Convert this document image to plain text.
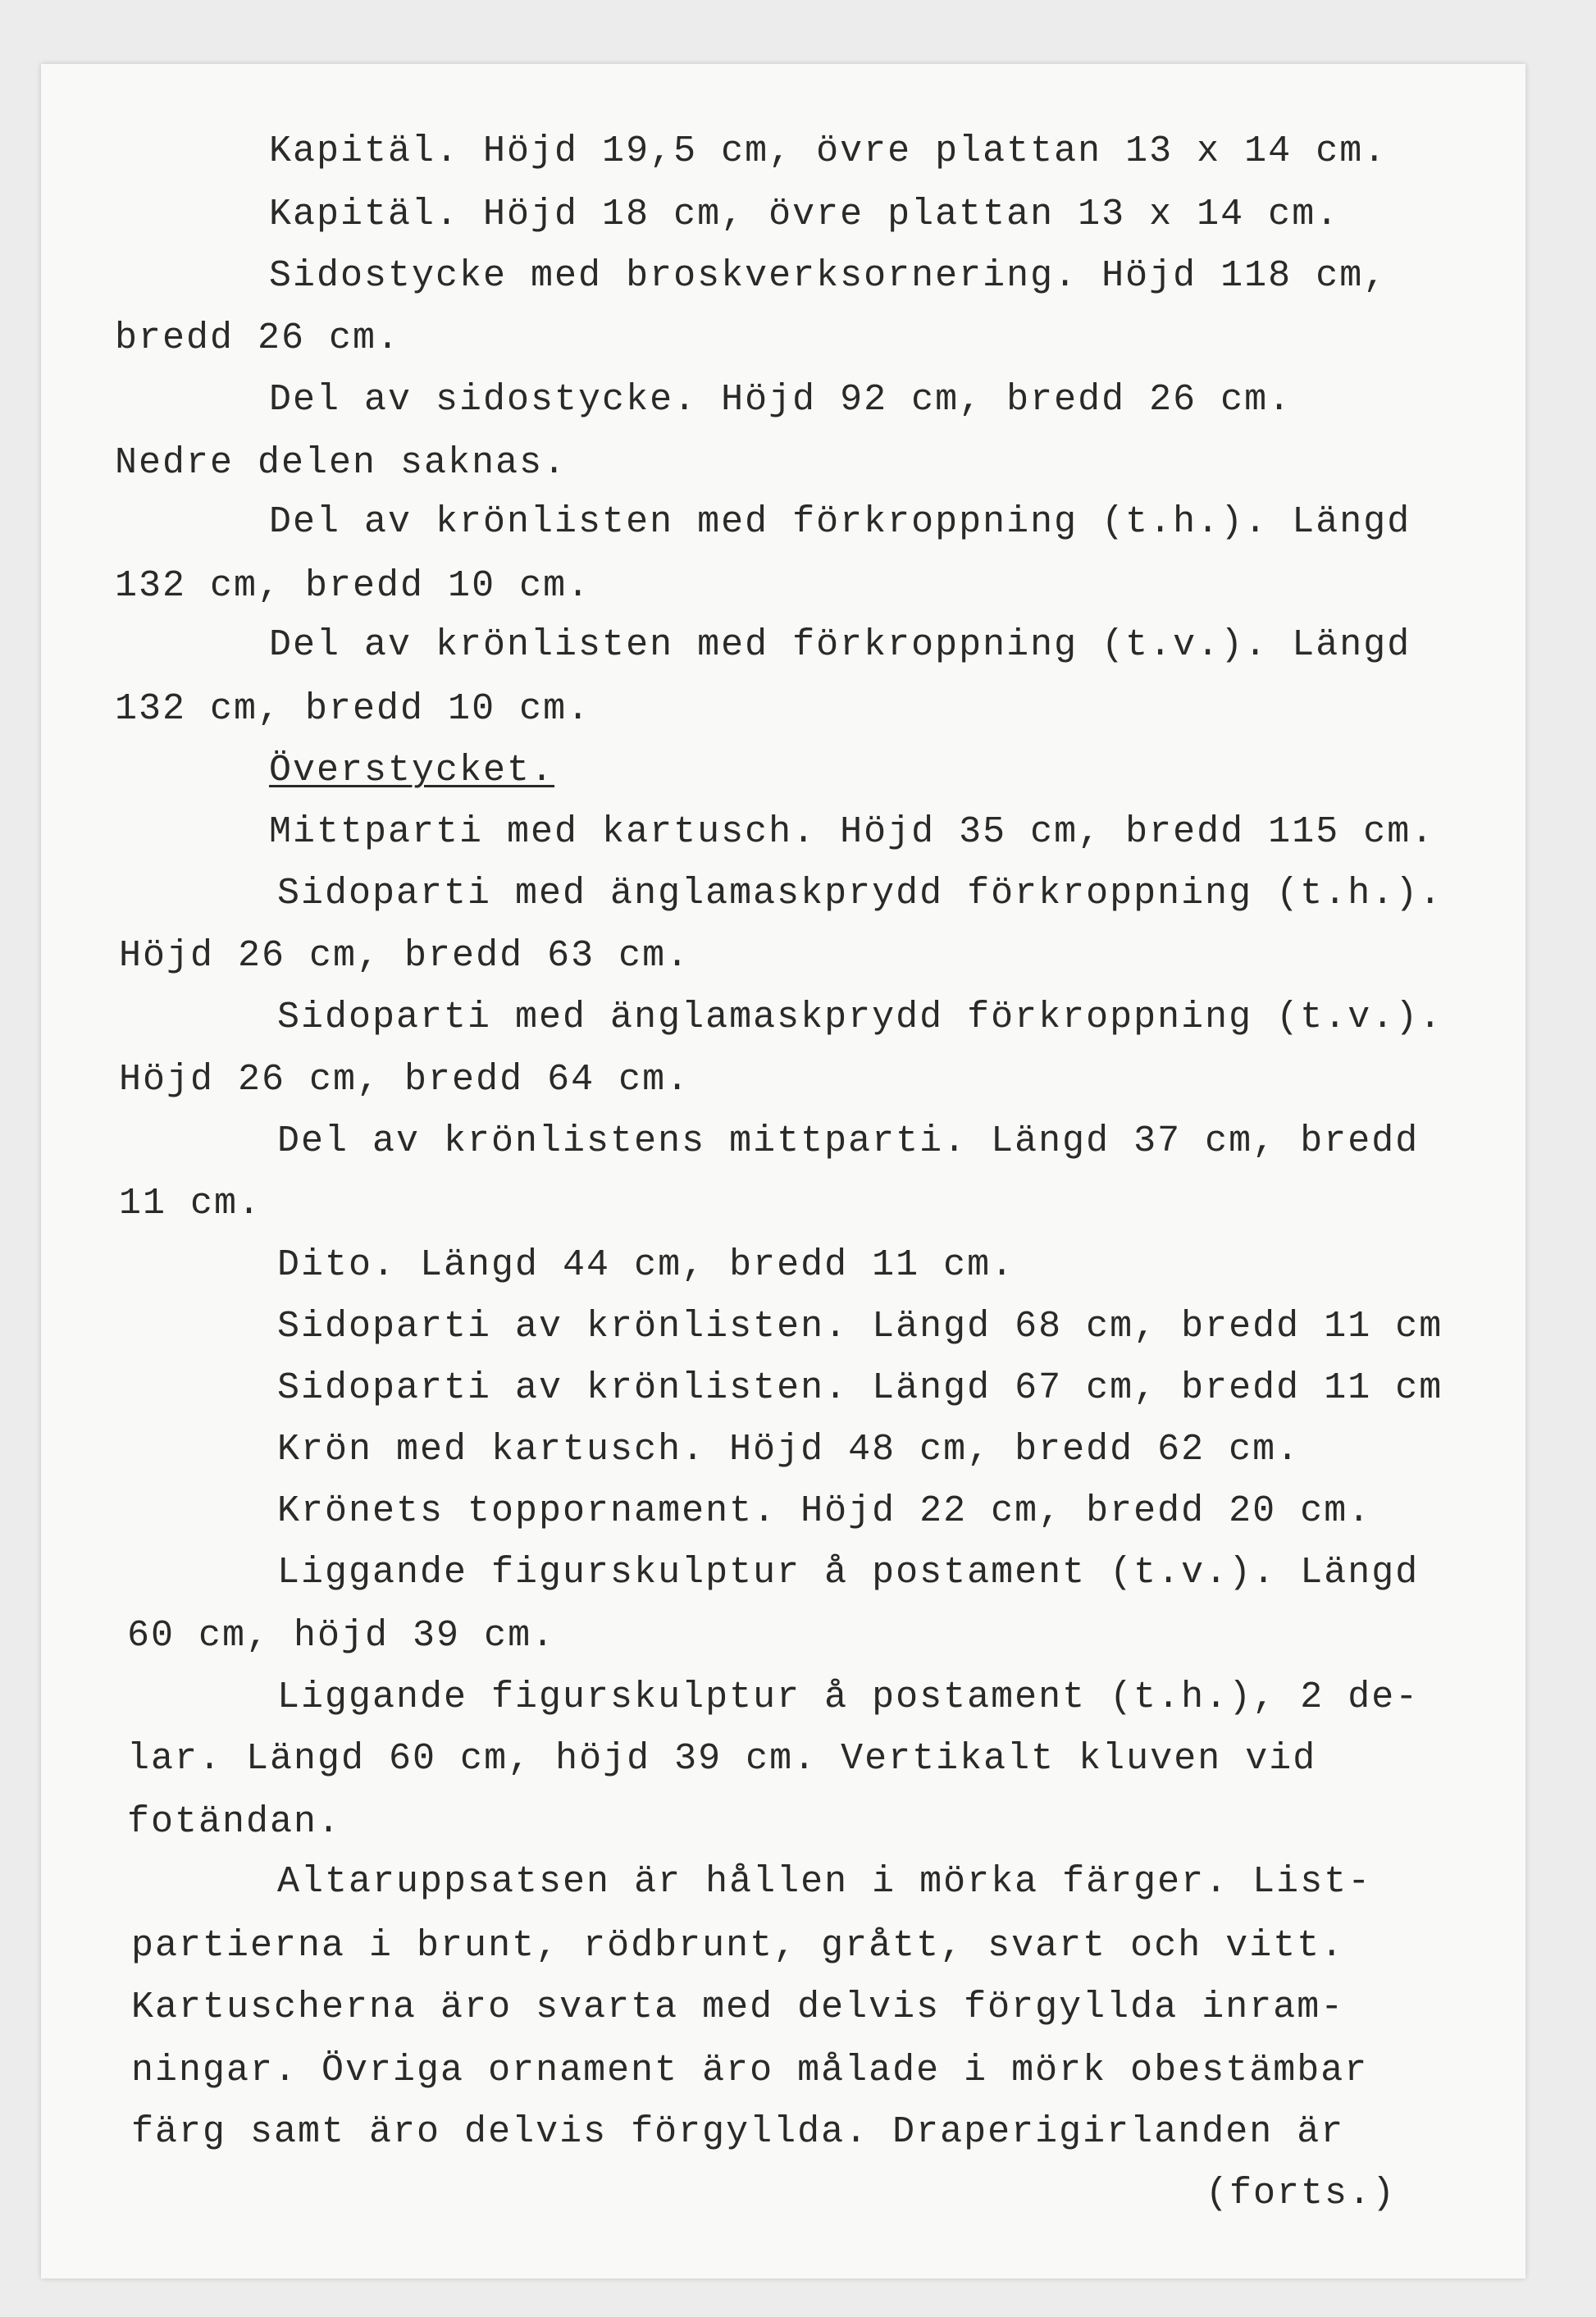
Kapitäl. Höjd 19,5 cm, övre plattan 13 x 14 cm.
Kapitäl. Höjd 18 cm, övre plattan 13 x 14 cm.
Sidostycke med broskverksornering. Höjd 118 cm,
bredd 26 cm.
Del av sidostycke. Höjd 92 cm, bredd 26 cm.
Nedre delen saknas.
Del av krönlisten med förkroppning (t.h.). Längd
132 cm, bredd 10 cm.
Del av krönlisten med förkroppning (t.v.). Längd
132 cm, bredd 10 cm.
Överstycket.
Mittparti med kartusch. Höjd 35 cm, bredd 115 cm.
Sidoparti med änglamaskprydd förkroppning (t.h.).
Höjd 26 cm, bredd 63 cm.
Sidoparti med änglamaskprydd förkroppning (t.v.).
Höjd 26 cm, bredd 64 cm.
Del av krönlistens mittparti. Längd 37 cm, bredd
11 cm.
Dito. Längd 44 cm, bredd 11 cm.
Sidoparti av krönlisten. Längd 68 cm, bredd 11 cm
Sidoparti av krönlisten. Längd 67 cm, bredd 11 cm
Krön med kartusch. Höjd 48 cm, bredd 62 cm.
Krönets toppornament. Höjd 22 cm, bredd 20 cm.
Liggande figurskulptur å postament (t.v.). Längd
60 cm, höjd 39 cm.
Liggande figurskulptur å postament (t.h.), 2 de-
lar. Längd 60 cm, höjd 39 cm. Vertikalt kluven vid
fotändan.
Altaruppsatsen är hållen i mörka färger. List-
partierna i brunt, rödbrunt, grått, svart och vitt.
Kartuscherna äro svarta med delvis förgyllda inram-
ningar. Övriga ornament äro målade i mörk obestämbar
färg samt äro delvis förgyllda. Draperigirlanden är
(forts.)
